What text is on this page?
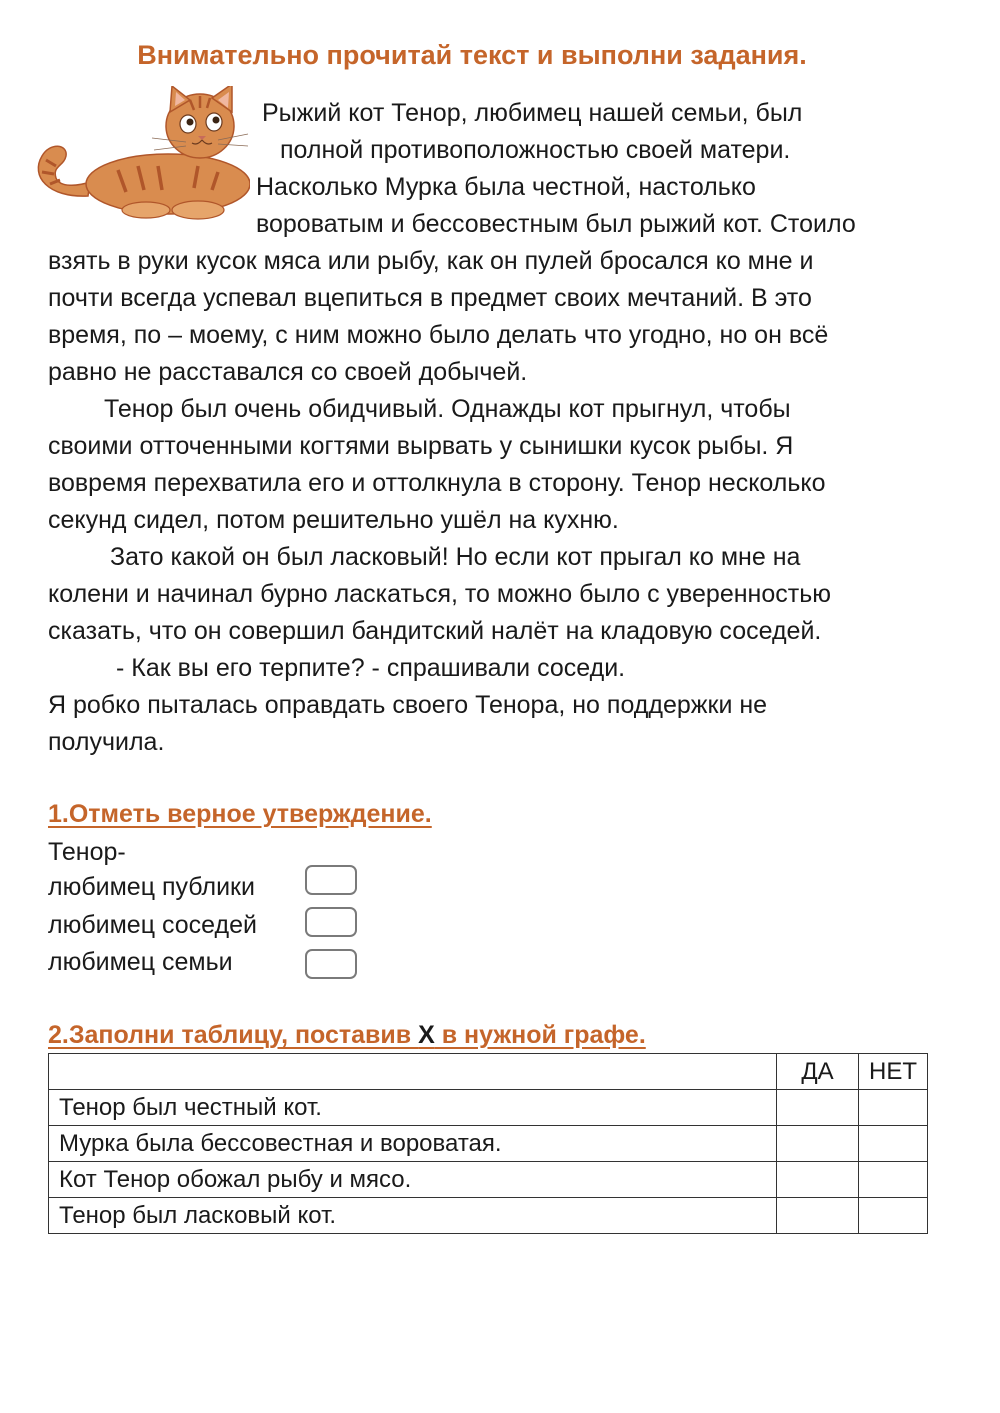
Внимательно прочитай текст и выполни задания.
Рыжий кот Тенор, любимец нашей семьи, был
полной противоположностью своей матери.
Насколько Мурка была честной, настолько
вороватым и бессовестным был рыжий кот. Стоило
взять в руки кусок мяса или рыбу, как он пулей бросался ко мне и
почти всегда успевал вцепиться в предмет своих мечтаний. В это
время, по – моему, с ним можно было делать что угодно, но он всё
равно не расставался со своей добычей.
Тенор был очень обидчивый. Однажды кот прыгнул, чтобы
своими отточенными когтями вырвать у сынишки кусок рыбы. Я
вовремя перехватила его и оттолкнула в сторону. Тенор несколько
секунд сидел, потом решительно ушёл на кухню.
Зато какой он был ласковый! Но если кот прыгал ко мне на
колени и начинал бурно ласкаться, то можно было с уверенностью
сказать, что он совершил бандитский налёт на кладовую соседей.
- Как вы его терпите? - спрашивали соседи.
Я робко пыталась оправдать своего Тенора, но поддержки не
получила.
1.Отметь верное утверждение.
Тенор-
любимец публики
любимец соседей
любимец семьи
2.Заполни таблицу, поставив X в нужной графе.
	ДА	НЕТ
Тенор был честный кот.		
Мурка была бессовестная и вороватая.		
Кот Тенор обожал рыбу и мясо.		
Тенор был ласковый кот.		
